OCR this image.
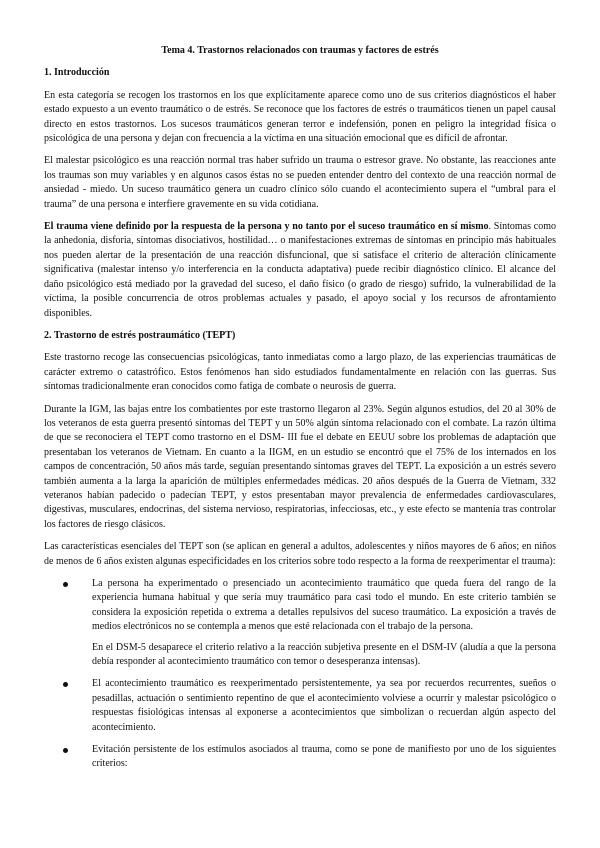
Tema 4. Trastornos relacionados con traumas y factores de estrés
1. Introducción

En esta categoría se recogen los trastornos en los que explícitamente aparece como uno de sus criterios diagnósticos el haber estado expuesto a un evento traumático o de estrés. Se reconoce que los factores de estrés o traumáticos tienen un papel causal directo en estos trastornos. Los sucesos traumáticos generan terror e indefensión, ponen en peligro la integridad física o psicológica de una persona y dejan con frecuencia a la víctima en una situación emocional que es difícil de afrontar.

El malestar psicológico es una reacción normal tras haber sufrido un trauma o estresor grave. No obstante, las reacciones ante los traumas son muy variables y en algunos casos éstas no se pueden entender dentro del contexto de una reacción normal de ansiedad - miedo. Un suceso traumático genera un cuadro clínico sólo cuando el acontecimiento supera el “umbral para el trauma” de una persona e interfiere gravemente en su vida cotidiana.

El trauma viene definido por la respuesta de la persona y no tanto por el suceso traumático en sí mismo. Síntomas como la anhedonia, disforia, síntomas disociativos, hostilidad… o manifestaciones extremas de síntomas en principio más habituales nos pueden alertar de la presentación de una reacción disfuncional, que si satisface el criterio de alteración clínicamente significativa (malestar intenso y/o interferencia en la conducta adaptativa) puede recibir diagnóstico clínico. El alcance del daño psicológico está mediado por la gravedad del suceso, el daño físico (o grado de riesgo) sufrido, la vulnerabilidad de la víctima, la posible concurrencia de otros problemas actuales y pasado, el apoyo social y los recursos de afrontamiento disponibles.

2. Trastorno de estrés postraumático (TEPT)

Este trastorno recoge las consecuencias psicológicas, tanto inmediatas como a largo plazo, de las experiencias traumáticas de carácter extremo o catastrófico. Estos fenómenos han sido estudiados fundamentalmente en relación con las guerras. Sus síntomas tradicionalmente eran conocidos como fatiga de combate o neurosis de guerra.

Durante la IGM, las bajas entre los combatientes por este trastorno llegaron al 23%. Según algunos estudios, del 20 al 30% de los veteranos de esta guerra presentó síntomas del TEPT y un 50% algún síntoma relacionado con el combate. La razón última de que se reconociera el TEPT como trastorno en el DSM- III fue el debate en EEUU sobre los problemas de adaptación que presentaban los veteranos de Vietnam. En cuanto a la IIGM, en un estudio se encontró que el 75% de los internados en los campos de concentración, 50 años más tarde, seguían presentando síntomas graves del TEPT. La exposición a un estrés severo también aumenta a la larga la aparición de múltiples enfermedades médicas. 20 años después de la Guerra de Vietnam, 332 veteranos habían padecido o padecían TEPT, y estos presentaban mayor prevalencia de enfermedades cardiovasculares, digestivas, musculares, endocrinas, del sistema nervioso, respiratorias, infecciosas, etc., y este efecto se mantenía tras controlar los factores de riesgo clásicos.

Las características esenciales del TEPT son (se aplican en general a adultos, adolescentes y niños mayores de 6 años; en niños de menos de 6 años existen algunas especificidades en los criterios sobre todo respecto a la forma de reexperimentar el trauma):

La persona ha experimentado o presenciado un acontecimiento traumático que queda fuera del rango de la experiencia humana habitual y que sería muy traumático para casi todo el mundo. En este criterio también se considera la exposición repetida o extrema a detalles repulsivos del suceso traumático. La exposición a través de medios electrónicos no se contempla a menos que esté relacionada con el trabajo de la persona.

En el DSM-5 desaparece el criterio relativo a la reacción subjetiva presente en el DSM-IV (aludía a que la persona debía responder al acontecimiento traumático con temor o desesperanza intensas).

El acontecimiento traumático es reexperimentado persistentemente, ya sea por recuerdos recurrentes, sueños o pesadillas, actuación o sentimiento repentino de que el acontecimiento volviese a ocurrir y malestar psicológico o respuestas fisiológicas intensas al exponerse a acontecimientos que simbolizan o recuerdan algún aspecto del acontecimiento.

Evitación persistente de los estímulos asociados al trauma, como se pone de manifiesto por uno de los siguientes criterios:
